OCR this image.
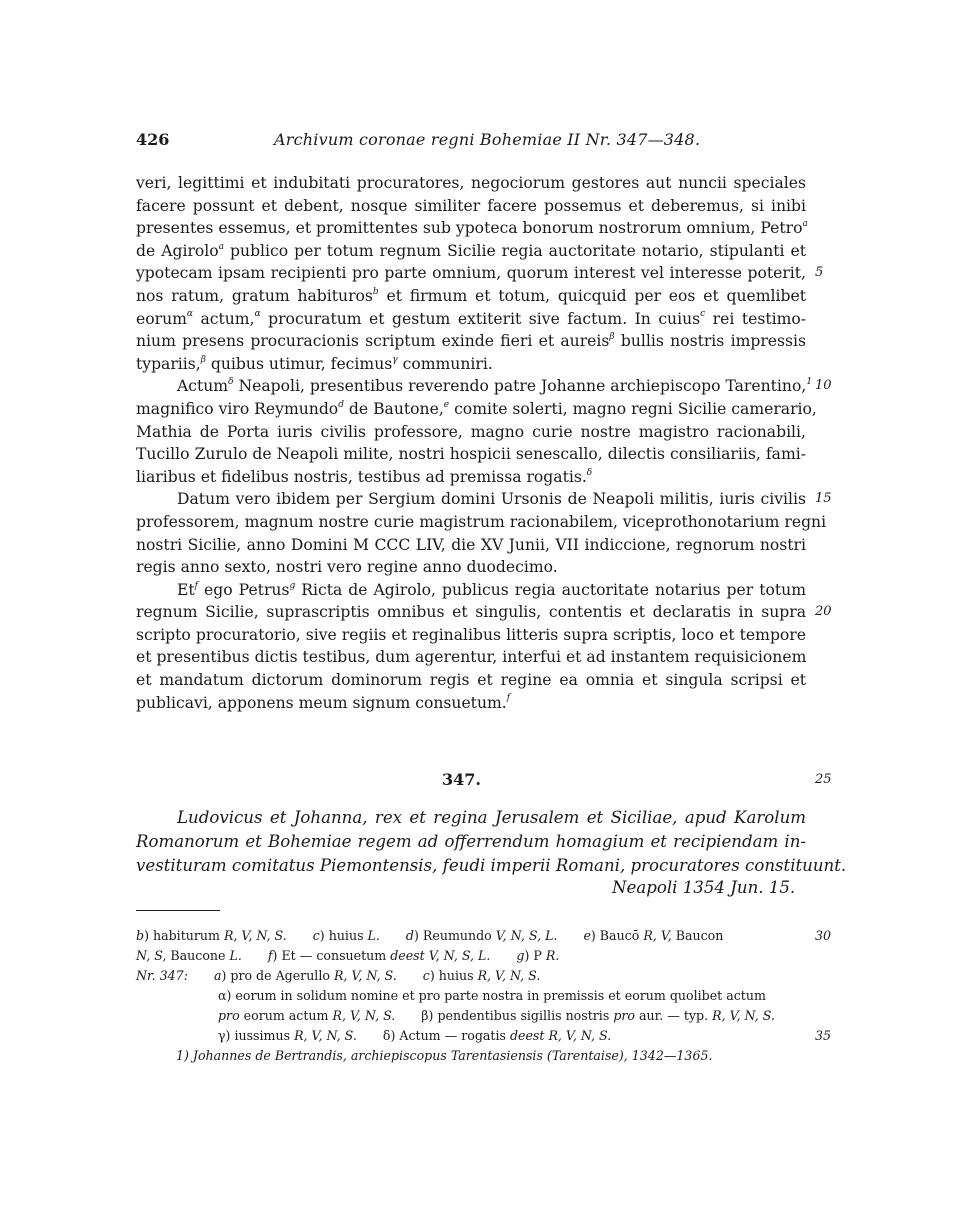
426	Archivum coronae regni Bohemiae II Nr. 347—348.
veri, legittimi et indubitati procuratores, negociorum gestores aut nuncii speciales
facere possunt et debent, nosque similiter facere possemus et deberemus, si inibi
presentes essemus, et promittentes sub ypoteca bonorum nostrorum omnium, Petro$^a$
de Agirolo$^a$ publico per totum regnum Sicilie regia auctoritate notario, stipulanti et
ypotecam ipsam recipienti pro parte omnium, quorum interest vel interesse poterit, 5
nos ratum, gratum habituros$^b$ et firmum et totum, quicquid per eos et quemlibet
eorum$^\alpha$ actum,$^\alpha$ procuratum et gestum extiterit sive factum. In cuius$^c$ rei testimo-
nium presens procuracionis scriptum exinde fieri et aureis$^\beta$ bullis nostris impressis
typariis,$^\beta$ quibus utimur, fecimus$^\gamma$ communiri.
Actum$^\delta$ Neapoli, presentibus reverendo patre Johanne archiepiscopo Tarentino,$^1$ 10
magnifico viro Reymundo$^d$ de Bautone,$^e$ comite solerti, magno regni Sicilie camerario,
Mathia de Porta iuris civilis professore, magno curie nostre magistro racionabili,
Tucillo Zurulo de Neapoli milite, nostri hospicii senescallo, dilectis consiliariis, fami-
liaribus et fidelibus nostris, testibus ad premissa rogatis.$^\delta$
Datum vero ibidem per Sergium domini Ursonis de Neapoli militis, iuris civilis 15
professorem, magnum nostre curie magistrum racionabilem, viceprothonotarium regni
nostri Sicilie, anno Domini M CCC LIV, die XV Junii, VII indiccione, regnorum nostri
regis anno sexto, nostri vero regine anno duodecimo.
Et$^f$ ego Petrus$^g$ Ricta de Agirolo, publicus regia auctoritate notarius per totum
regnum Sicilie, suprascriptis omnibus et singulis, contentis et declaratis in supra 20
scripto procuratorio, sive regiis et reginalibus litteris supra scriptis, loco et tempore
et presentibus dictis testibus, dum agerentur, interfui et ad instantem requisicionem
et mandatum dictorum dominorum regis et regine ea omnia et singula scripsi et
publicavi, apponens meum signum consuetum.$^f$
347.	25
Ludovicus et Johanna, rex et regina Jerusalem et Siciliae, apud Karolum
Romanorum et Bohemiae regem ad offerrendum homagium et recipiendam in-
vestituram comitatus Piemontensis, feudi imperii Romani, procuratores constituunt.
Neapoli 1354 Jun. 15.
b) habiturum R, V, N, S. c) huius L. d) Reumundo V, N, S, L. e) Baucō R, V, Baucon	30
N, S, Baucone L. f) Et — consuetum deest V, N, S, L. g) P R.
Nr. 347: a) pro de Agerullo R, V, N, S. c) huius R, V, N, S.
α) eorum in solidum nomine et pro parte nostra in premissis et eorum quolibet actum
pro eorum actum R, V, N, S. β) pendentibus sigillis nostris pro aur. — typ. R, V, N, S.
γ) iussimus R, V, N, S. δ) Actum — rogatis deest R, V, N, S.	35
1) Johannes de Bertrandis, archiepiscopus Tarentasiensis (Tarentaise), 1342—1365.
